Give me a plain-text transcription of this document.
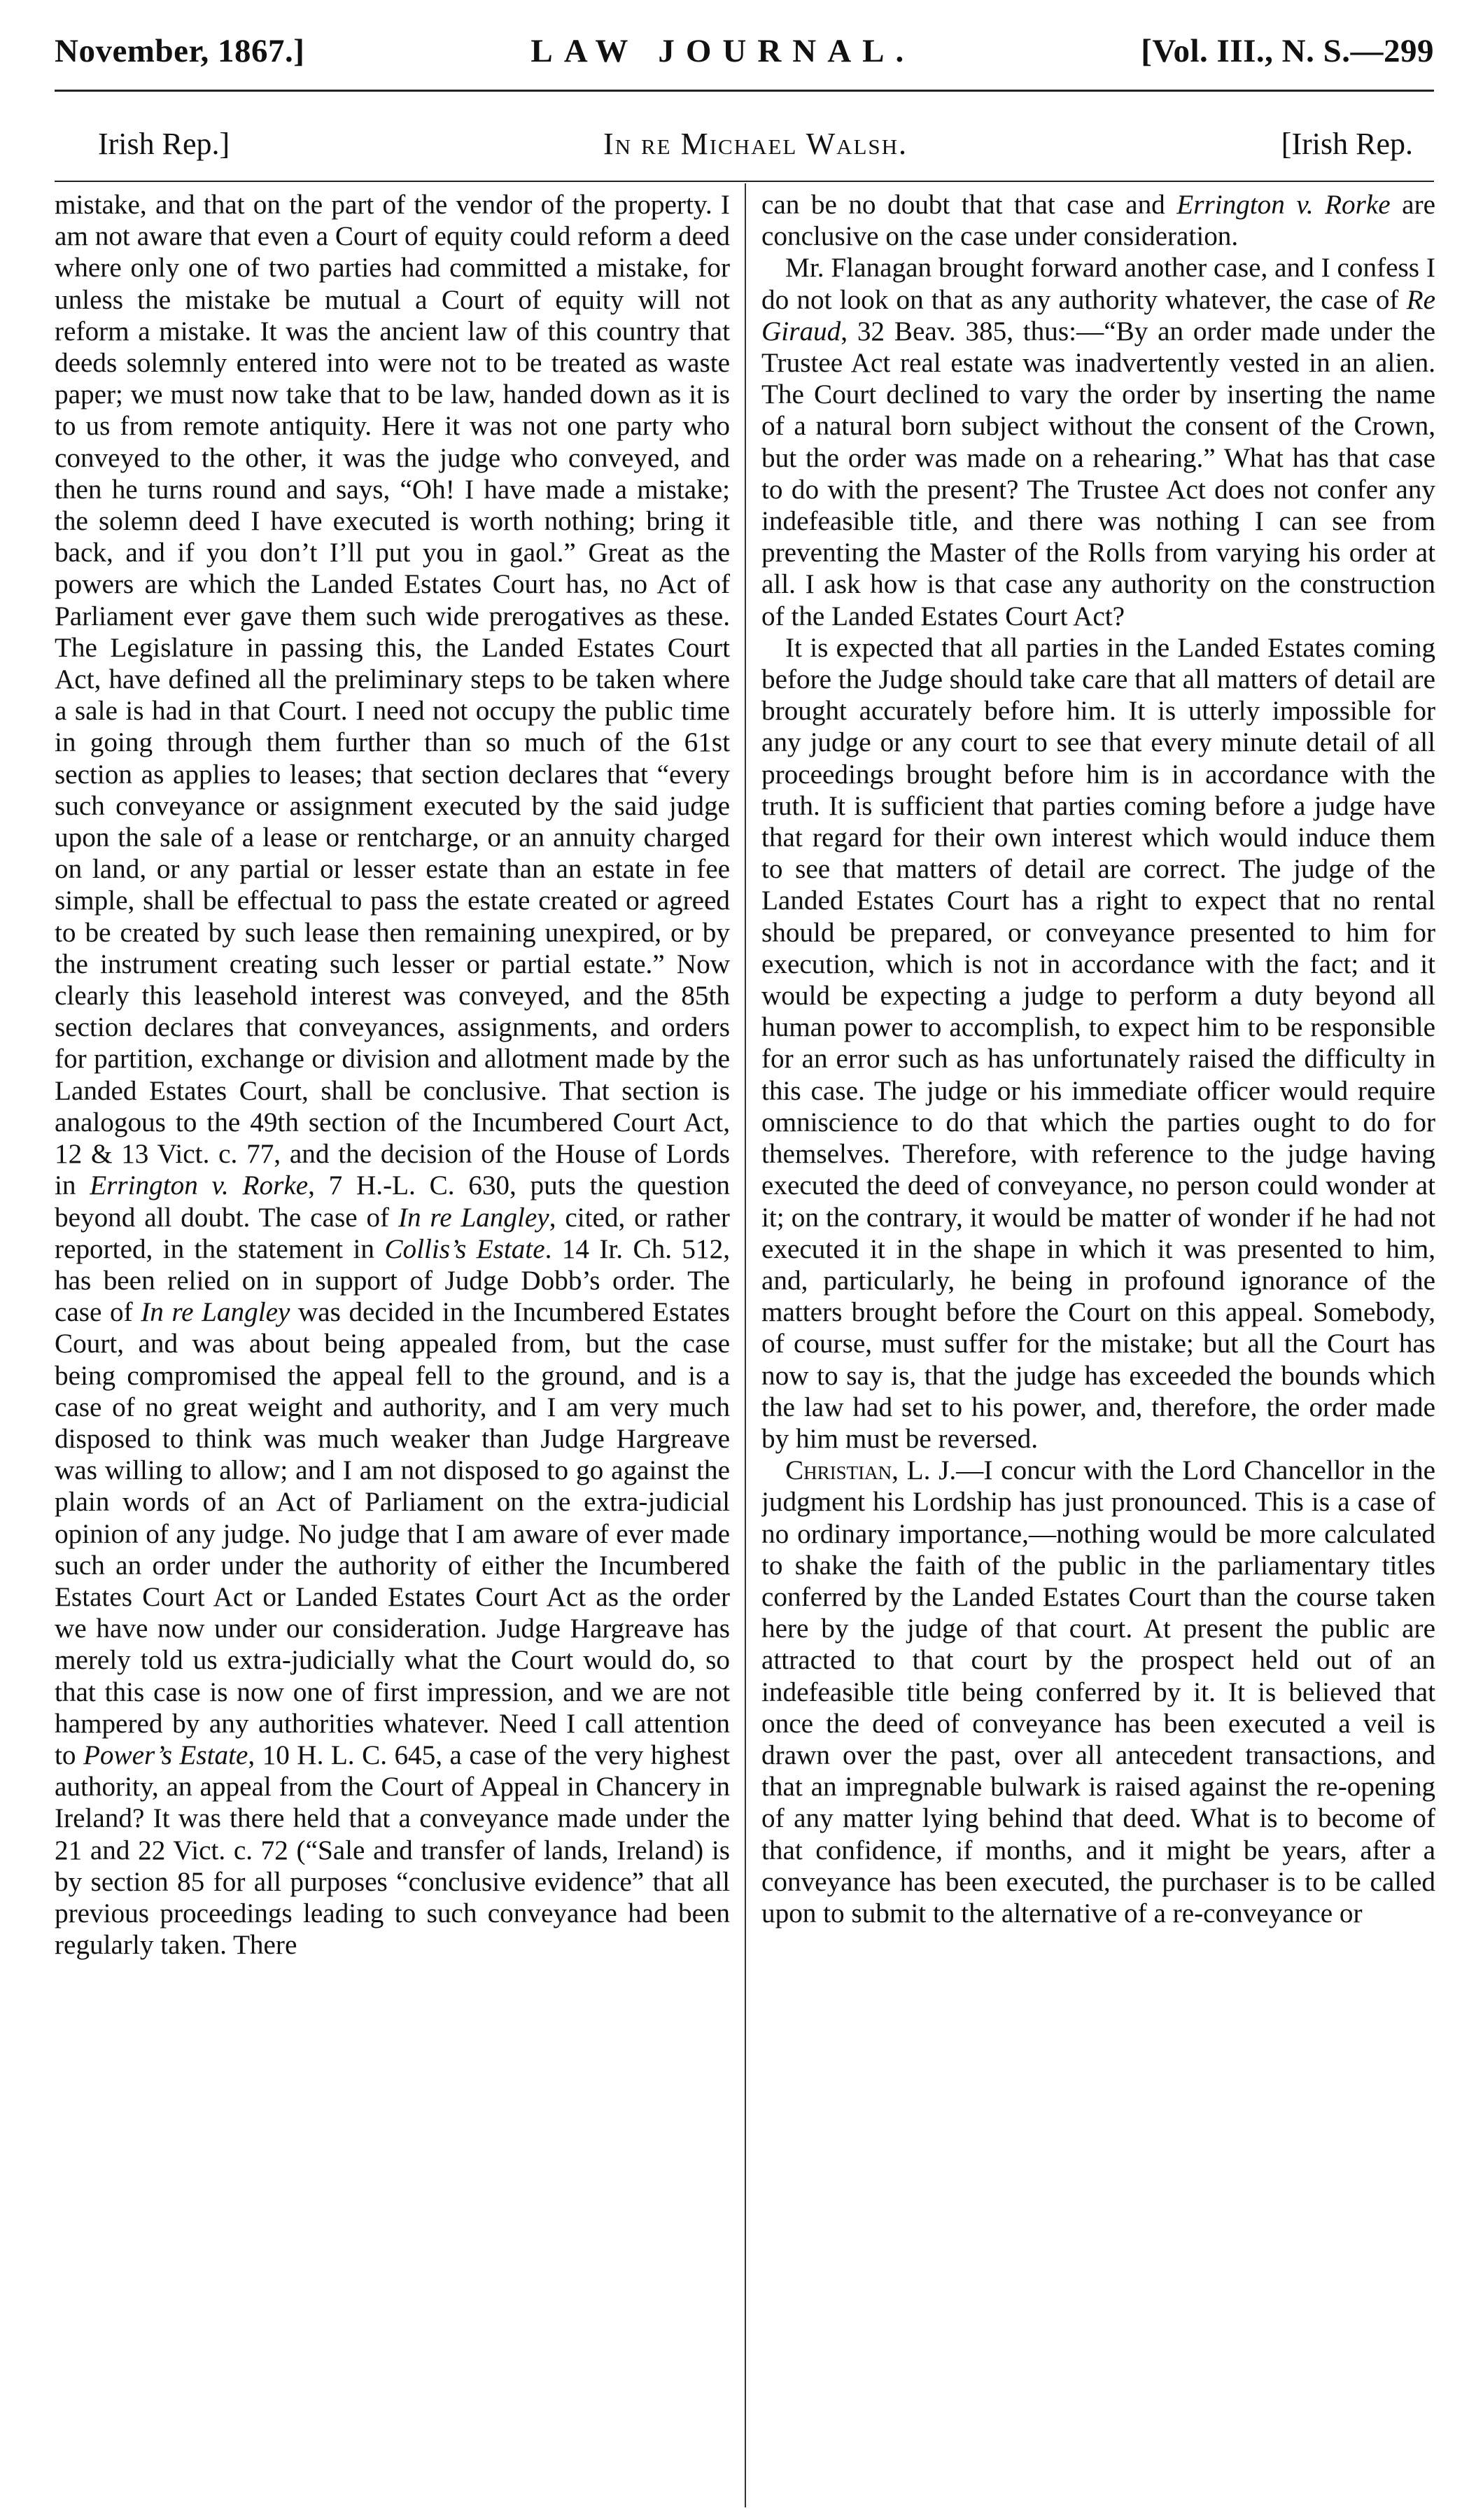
November, 1867.]	LAW JOURNAL.	[Vol. III., N. S.—299
Irish Rep.]	In re Michael Walsh.	[Irish Rep.

mistake, and that on the part of the vendor of the property. I am not aware that even a Court of equity could reform a deed where only one of two parties had committed a mistake, for unless the mistake be mutual a Court of equity will not reform a mistake. It was the ancient law of this country that deeds solemnly entered into were not to be treated as waste paper; we must now take that to be law, handed down as it is to us from remote antiquity. Here it was not one party who conveyed to the other, it was the judge who conveyed, and then he turns round and says, “Oh! I have made a mistake; the solemn deed I have executed is worth nothing; bring it back, and if you don’t I’ll put you in gaol.” Great as the powers are which the Landed Estates Court has, no Act of Parliament ever gave them such wide prerogatives as these. The Legislature in passing this, the Landed Estates Court Act, have defined all the preliminary steps to be taken where a sale is had in that Court. I need not occupy the public time in going through them further than so much of the 61st section as applies to leases; that section declares that “every such conveyance or assignment executed by the said judge upon the sale of a lease or rentcharge, or an annuity charged on land, or any partial or lesser estate than an estate in fee simple, shall be effectual to pass the estate created or agreed to be created by such lease then remaining unexpired, or by the instrument creating such lesser or partial estate.” Now clearly this leasehold interest was conveyed, and the 85th section declares that conveyances, assignments, and orders for partition, exchange or division and allotment made by the Landed Estates Court, shall be conclusive. That section is analogous to the 49th section of the Incumbered Court Act, 12 & 13 Vict. c. 77, and the decision of the House of Lords in Errington v. Rorke, 7 H.-L. C. 630, puts the question beyond all doubt. The case of In re Langley, cited, or rather reported, in the statement in Collis’s Estate. 14 Ir. Ch. 512, has been relied on in support of Judge Dobb’s order. The case of In re Langley was decided in the Incumbered Estates Court, and was about being appealed from, but the case being compromised the appeal fell to the ground, and is a case of no great weight and authority, and I am very much disposed to think was much weaker than Judge Hargreave was willing to allow; and I am not disposed to go against the plain words of an Act of Parliament on the extra-judicial opinion of any judge. No judge that I am aware of ever made such an order under the authority of either the Incumbered Estates Court Act or Landed Estates Court Act as the order we have now under our consideration. Judge Hargreave has merely told us extra-judicially what the Court would do, so that this case is now one of first impression, and we are not hampered by any authorities whatever. Need I call attention to Power’s Estate, 10 H. L. C. 645, a case of the very highest authority, an appeal from the Court of Appeal in Chancery in Ireland? It was there held that a conveyance made under the 21 and 22 Vict. c. 72 (“Sale and transfer of lands, Ireland) is by section 85 for all purposes “conclusive evidence” that all previous proceedings leading to such conveyance had been regularly taken. There

can be no doubt that that case and Errington v. Rorke are conclusive on the case under consideration.

Mr. Flanagan brought forward another case, and I confess I do not look on that as any authority whatever, the case of Re Giraud, 32 Beav. 385, thus:—“By an order made under the Trustee Act real estate was inadvertently vested in an alien. The Court declined to vary the order by inserting the name of a natural born subject without the consent of the Crown, but the order was made on a rehearing.” What has that case to do with the present? The Trustee Act does not confer any indefeasible title, and there was nothing I can see from preventing the Master of the Rolls from varying his order at all. I ask how is that case any authority on the construction of the Landed Estates Court Act?

It is expected that all parties in the Landed Estates coming before the Judge should take care that all matters of detail are brought accurately before him. It is utterly impossible for any judge or any court to see that every minute detail of all proceedings brought before him is in accordance with the truth. It is sufficient that parties coming before a judge have that regard for their own interest which would induce them to see that matters of detail are correct. The judge of the Landed Estates Court has a right to expect that no rental should be prepared, or conveyance presented to him for execution, which is not in accordance with the fact; and it would be expecting a judge to perform a duty beyond all human power to accomplish, to expect him to be responsible for an error such as has unfortunately raised the difficulty in this case. The judge or his immediate officer would require omniscience to do that which the parties ought to do for themselves. Therefore, with reference to the judge having executed the deed of conveyance, no person could wonder at it; on the contrary, it would be matter of wonder if he had not executed it in the shape in which it was presented to him, and, particularly, he being in profound ignorance of the matters brought before the Court on this appeal. Somebody, of course, must suffer for the mistake; but all the Court has now to say is, that the judge has exceeded the bounds which the law had set to his power, and, therefore, the order made by him must be reversed.

Christian, L. J.—I concur with the Lord Chancellor in the judgment his Lordship has just pronounced. This is a case of no ordinary importance,—nothing would be more calculated to shake the faith of the public in the parliamentary titles conferred by the Landed Estates Court than the course taken here by the judge of that court. At present the public are attracted to that court by the prospect held out of an indefeasible title being conferred by it. It is believed that once the deed of conveyance has been executed a veil is drawn over the past, over all antecedent transactions, and that an impregnable bulwark is raised against the re-opening of any matter lying behind that deed. What is to become of that confidence, if months, and it might be years, after a conveyance has been executed, the purchaser is to be called upon to submit to the alternative of a re-conveyance or
